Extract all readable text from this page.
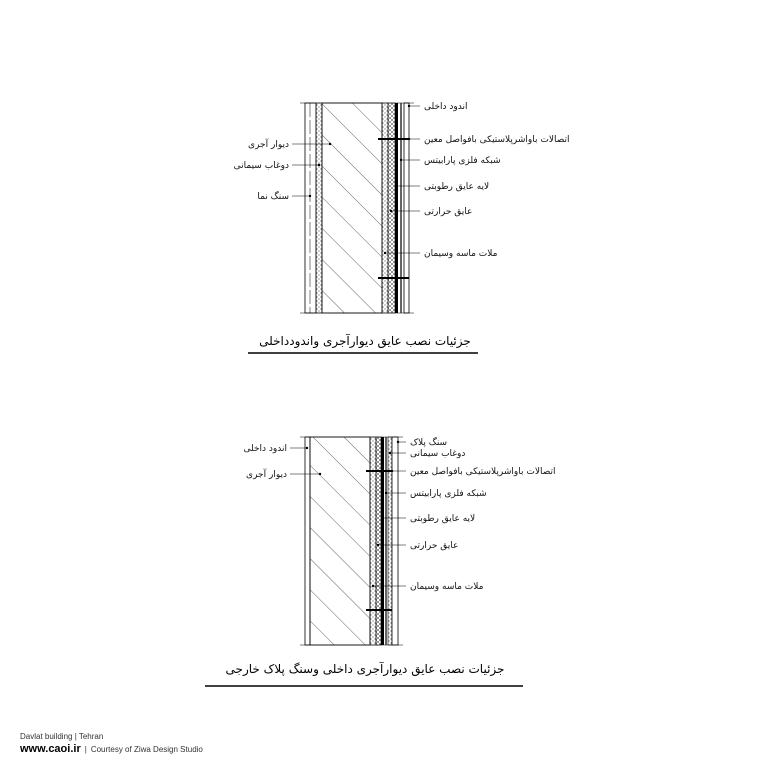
اندود داخلی
اتصالات باواشرپلاستیکی بافواصل معین
شبکه فلزی پارابیتس
لایه عایق رطوبتی
عایق حرارتی
ملات ماسه وسیمان
دیوار آجری
دوغاب سیمانی
سنگ نما
جزئیات نصب عایق دیوارآجری واندودداخلی
سنگ پلاک
دوغاب سیمانی
اتصالات باواشرپلاستیکی بافواصل معین
شبکه فلزی پارابیتس
لایه عایق رطوبتی
عایق حرارتی
ملات ماسه وسیمان
اندود داخلی
دیوار آجری
جزئیات نصب عایق دیوارآجری داخلی وسنگ پلاک خارجی
Davlat building | Tehran
www.caoi.ir | Courtesy of Ziwa Design Studio
